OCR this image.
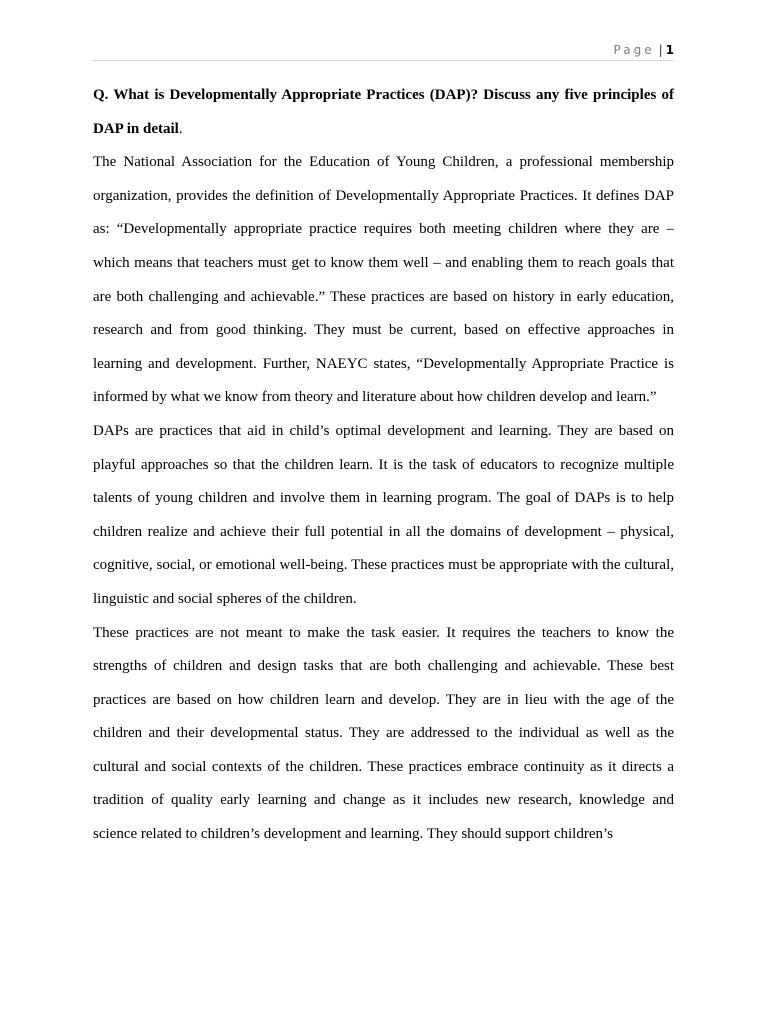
Page | 1

Q. What is Developmentally Appropriate Practices (DAP)? Discuss any five principles of DAP in detail.

The National Association for the Education of Young Children, a professional membership organization, provides the definition of Developmentally Appropriate Practices. It defines DAP as: “Developmentally appropriate practice requires both meeting children where they are – which means that teachers must get to know them well – and enabling them to reach goals that are both challenging and achievable.” These practices are based on history in early education, research and from good thinking. They must be current, based on effective approaches in learning and development. Further, NAEYC states, “Developmentally Appropriate Practice is informed by what we know from theory and literature about how children develop and learn.”

DAPs are practices that aid in child’s optimal development and learning. They are based on playful approaches so that the children learn. It is the task of educators to recognize multiple talents of young children and involve them in learning program. The goal of DAPs is to help children realize and achieve their full potential in all the domains of development – physical, cognitive, social, or emotional well-being. These practices must be appropriate with the cultural, linguistic and social spheres of the children.

These practices are not meant to make the task easier. It requires the teachers to know the strengths of children and design tasks that are both challenging and achievable. These best practices are based on how children learn and develop. They are in lieu with the age of the children and their developmental status. They are addressed to the individual as well as the cultural and social contexts of the children. These practices embrace continuity as it directs a tradition of quality early learning and change as it includes new research, knowledge and science related to children’s development and learning. They should support children’s
